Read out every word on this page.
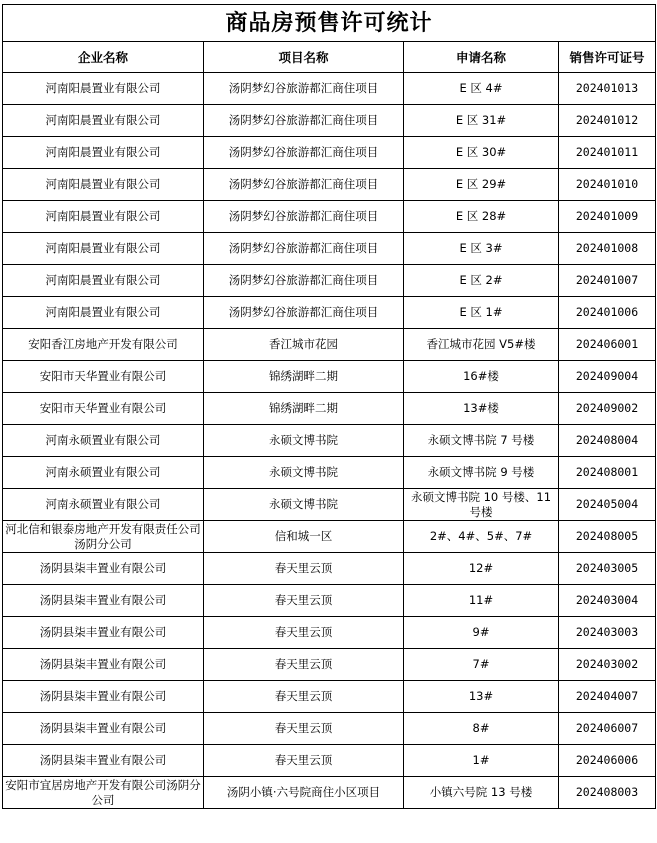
商品房预售许可统计			
企业名称	项目名称	申请名称	销售许可证号
河南阳晨置业有限公司	汤阴梦幻谷旅游都汇商住项目	E 区 4#	202401013
河南阳晨置业有限公司	汤阴梦幻谷旅游都汇商住项目	E 区 31#	202401012
河南阳晨置业有限公司	汤阴梦幻谷旅游都汇商住项目	E 区 30#	202401011
河南阳晨置业有限公司	汤阴梦幻谷旅游都汇商住项目	E 区 29#	202401010
河南阳晨置业有限公司	汤阴梦幻谷旅游都汇商住项目	E 区 28#	202401009
河南阳晨置业有限公司	汤阴梦幻谷旅游都汇商住项目	E 区 3#	202401008
河南阳晨置业有限公司	汤阴梦幻谷旅游都汇商住项目	E 区 2#	202401007
河南阳晨置业有限公司	汤阴梦幻谷旅游都汇商住项目	E 区 1#	202401006
安阳香江房地产开发有限公司	香江城市花园	香江城市花园 V5#楼	202406001
安阳市天华置业有限公司	锦绣湖畔二期	16#楼	202409004
安阳市天华置业有限公司	锦绣湖畔二期	13#楼	202409002
河南永硕置业有限公司	永硕文博书院	永硕文博书院 7 号楼	202408004
河南永硕置业有限公司	永硕文博书院	永硕文博书院 9 号楼	202408001
河南永硕置业有限公司	永硕文博书院	永硕文博书院 10 号楼、11 号楼	202405004
河北信和银泰房地产开发有限责任公司汤阴分公司	信和城一区	2#、4#、5#、7#	202408005
汤阴县柒丰置业有限公司	春天里云顶	12#	202403005
汤阴县柒丰置业有限公司	春天里云顶	11#	202403004
汤阴县柒丰置业有限公司	春天里云顶	9#	202403003
汤阴县柒丰置业有限公司	春天里云顶	7#	202403002
汤阴县柒丰置业有限公司	春天里云顶	13#	202404007
汤阴县柒丰置业有限公司	春天里云顶	8#	202406007
汤阴县柒丰置业有限公司	春天里云顶	1#	202406006
安阳市宜居房地产开发有限公司汤阴分公司	汤阴小镇·六号院商住小区项目	小镇六号院 13 号楼	202408003
